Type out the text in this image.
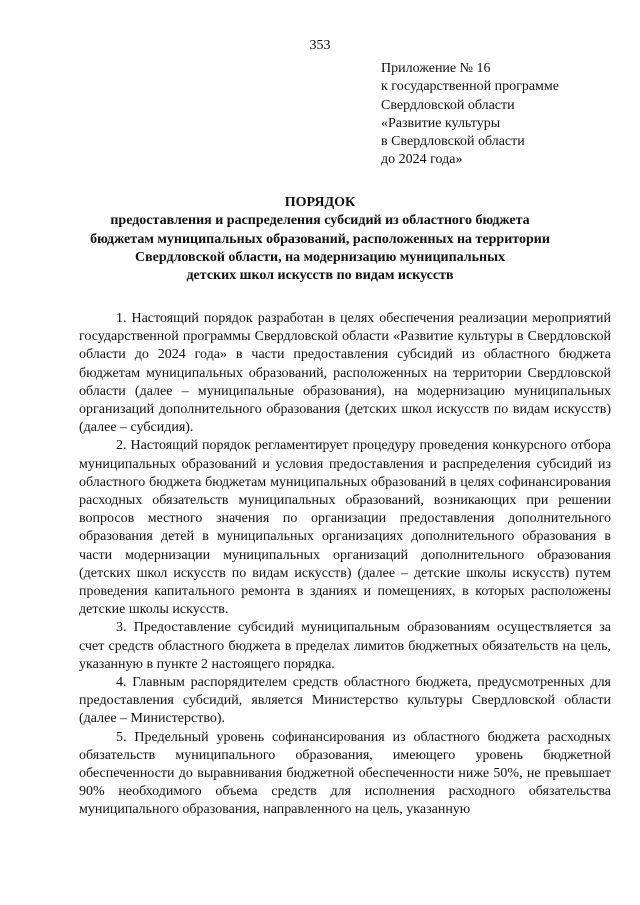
353
Приложение № 16
к государственной программе
Свердловской области
«Развитие культуры
в Свердловской области
до 2024 года»
ПОРЯДОК
предоставления и распределения субсидий из областного бюджета
бюджетам муниципальных образований, расположенных на территории
Свердловской области, на модернизацию муниципальных
детских школ искусств по видам искусств

1. Настоящий порядок разработан в целях обеспечения реализации мероприятий государственной программы Свердловской области «Развитие культуры в Свердловской области до 2024 года» в части предоставления субсидий из областного бюджета бюджетам муниципальных образований, расположенных на территории Свердловской области (далее – муниципальные образования), на модернизацию муниципальных организаций дополнительного образования (детских школ искусств по видам искусств) (далее – субсидия).

2. Настоящий порядок регламентирует процедуру проведения конкурсного отбора муниципальных образований и условия предоставления и распределения субсидий из областного бюджета бюджетам муниципальных образований в целях софинансирования расходных обязательств муниципальных образований, возникающих при решении вопросов местного значения по организации предоставления дополнительного образования детей в муниципальных организациях дополнительного образования в части модернизации муниципальных организаций дополнительного образования (детских школ искусств по видам искусств) (далее – детские школы искусств) путем проведения капитального ремонта в зданиях и помещениях, в которых расположены детские школы искусств.

3. Предоставление субсидий муниципальным образованиям осуществляется за счет средств областного бюджета в пределах лимитов бюджетных обязательств на цель, указанную в пункте 2 настоящего порядка.

4. Главным распорядителем средств областного бюджета, предусмотренных для предоставления субсидий, является Министерство культуры Свердловской области (далее – Министерство).

5. Предельный уровень софинансирования из областного бюджета расходных обязательств муниципального образования, имеющего уровень бюджетной обеспеченности до выравнивания бюджетной обеспеченности ниже 50%, не превышает 90% необходимого объема средств для исполнения расходного обязательства муниципального образования, направленного на цель, указанную
